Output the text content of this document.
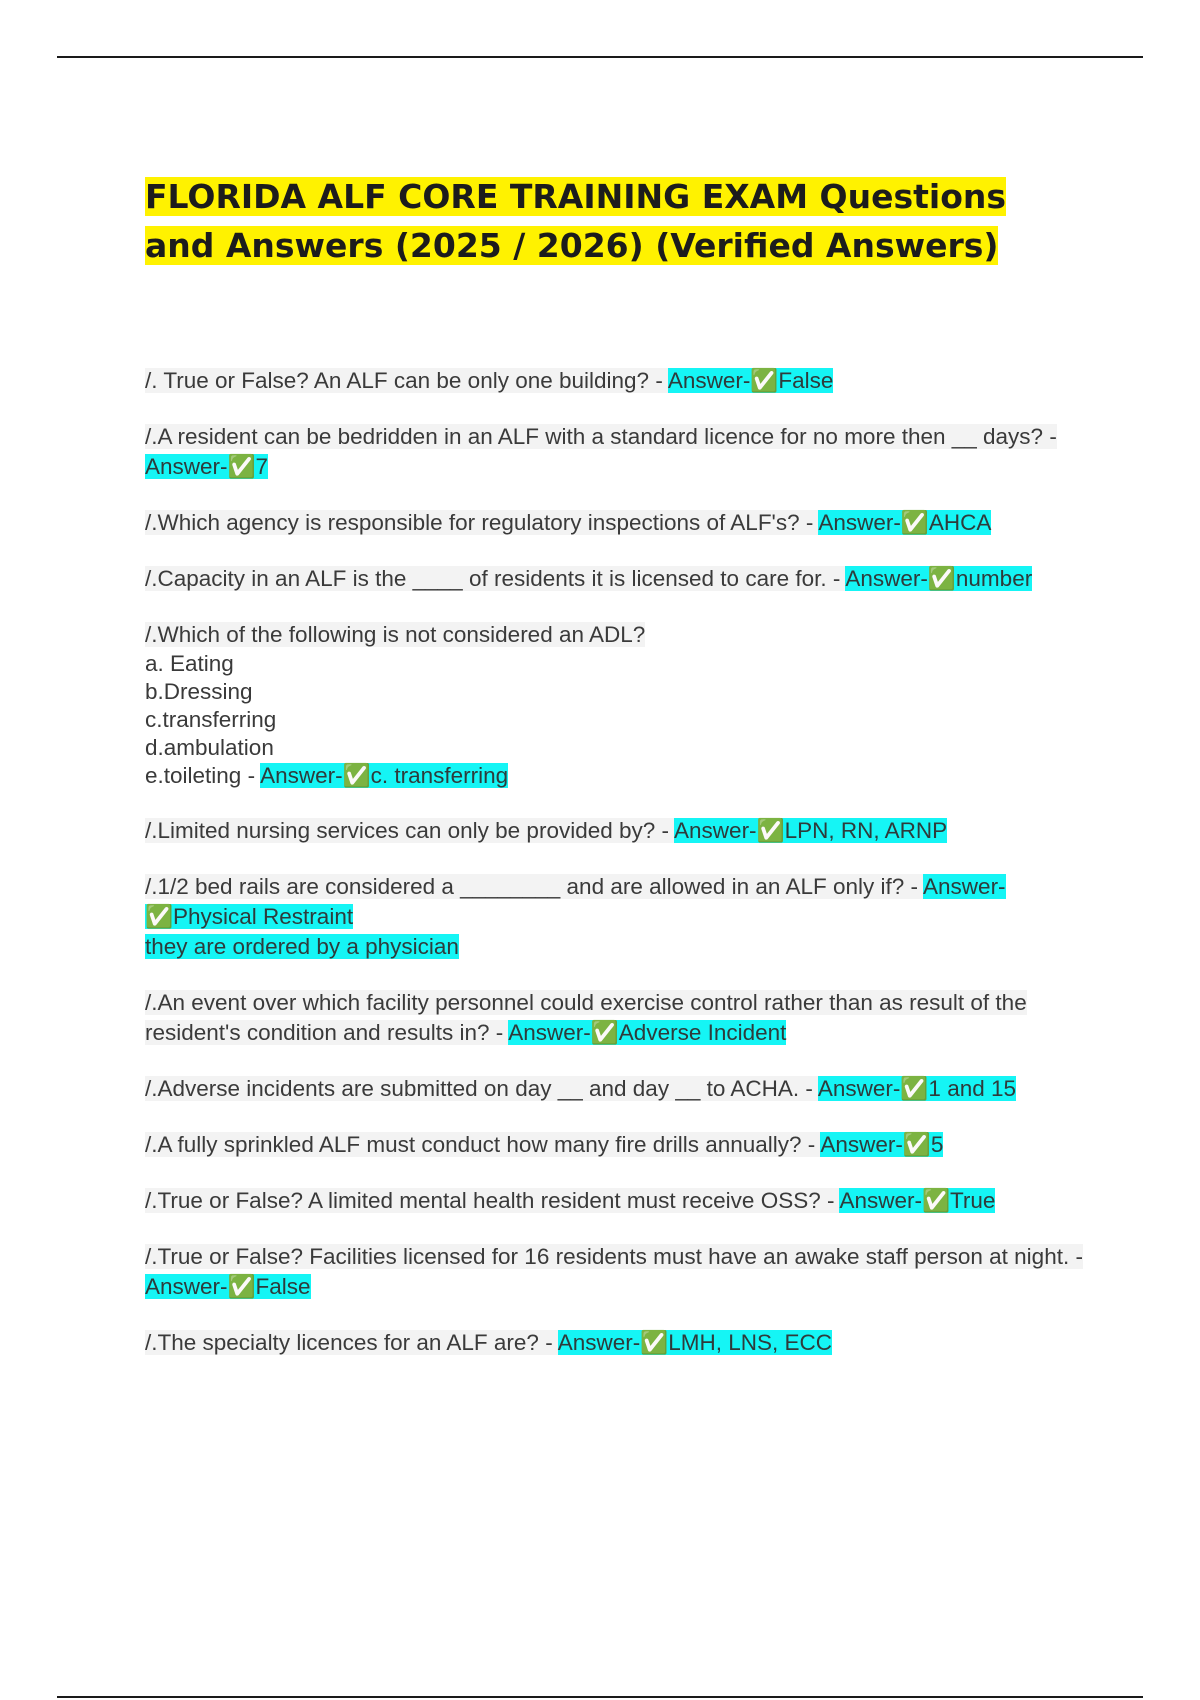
FLORIDA ALF CORE TRAINING EXAM Questions and Answers (2025 / 2026) (Verified Answers)

/. True or False? An ALF can be only one building? - Answer-✅False

/.A resident can be bedridden in an ALF with a standard licence for no more then __ days? - Answer-✅7

/.Which agency is responsible for regulatory inspections of ALF's? - Answer-✅AHCA

/.Capacity in an ALF is the ____ of residents it is licensed to care for. - Answer-✅number

/.Which of the following is not considered an ADL?
a. Eating
b.Dressing
c.transferring
d.ambulation
e.toileting - Answer-✅c. transferring

/.Limited nursing services can only be provided by? - Answer-✅LPN, RN, ARNP

/.1/2 bed rails are considered a ________ and are allowed in an ALF only if? - Answer-✅Physical Restraint
they are ordered by a physician

/.An event over which facility personnel could exercise control rather than as result of the resident's condition and results in? - Answer-✅Adverse Incident

/.Adverse incidents are submitted on day __ and day __ to ACHA. - Answer-✅1 and 15

/.A fully sprinkled ALF must conduct how many fire drills annually? - Answer-✅5

/.True or False? A limited mental health resident must receive OSS? - Answer-✅True

/.True or False? Facilities licensed for 16 residents must have an awake staff person at night. - Answer-✅False

/.The specialty licences for an ALF are? - Answer-✅LMH, LNS, ECC
